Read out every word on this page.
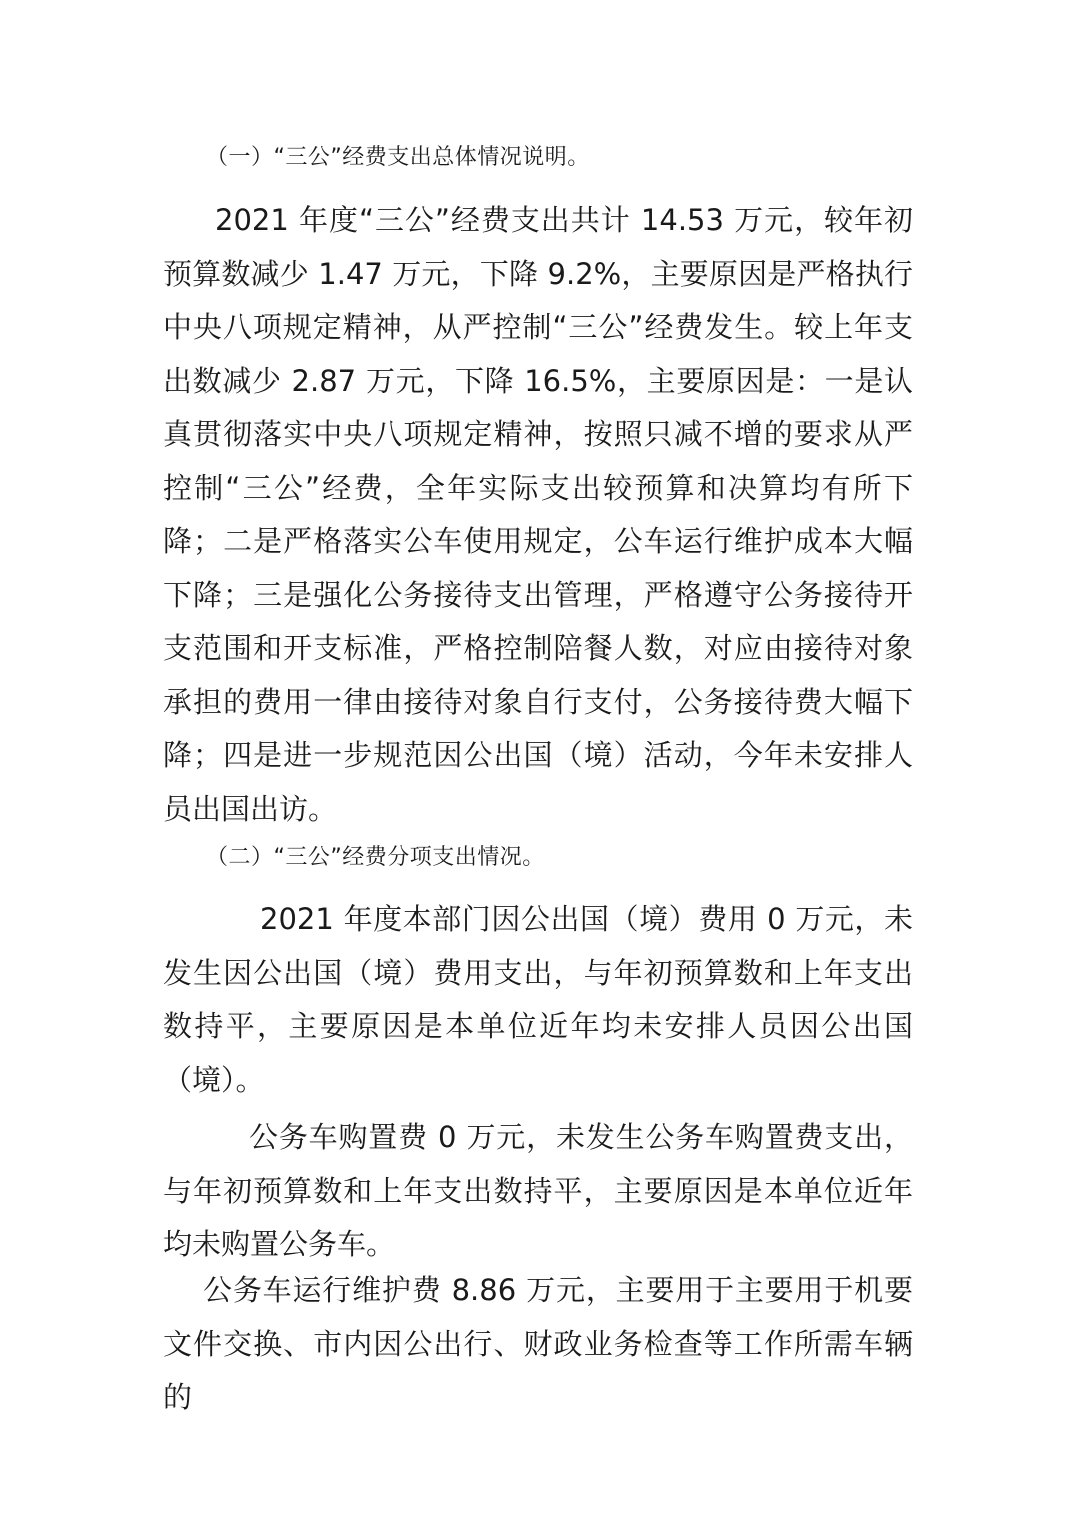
（一）“三公”经费支出总体情况说明。

2021 年度“三公”经费支出共计 14.53 万元，较年初预算数减少 1.47 万元，下降 9.2%，主要原因是严格执行中央八项规定精神，从严控制“三公”经费发生。较上年支出数减少 2.87 万元，下降 16.5%，主要原因是：一是认真贯彻落实中央八项规定精神，按照只减不增的要求从严控制“三公”经费，全年实际支出较预算和决算均有所下降；二是严格落实公车使用规定，公车运行维护成本大幅下降；三是强化公务接待支出管理，严格遵守公务接待开支范围和开支标准，严格控制陪餐人数，对应由接待对象承担的费用一律由接待对象自行支付，公务接待费大幅下降；四是进一步规范因公出国（境）活动，今年未安排人员出国出访。

（二）“三公”经费分项支出情况。

2021 年度本部门因公出国（境）费用 0 万元，未发生因公出国（境）费用支出，与年初预算数和上年支出数持平，主要原因是本单位近年均未安排人员因公出国（境）。

公务车购置费 0 万元，未发生公务车购置费支出，与年初预算数和上年支出数持平，主要原因是本单位近年均未购置公务车。

公务车运行维护费 8.86 万元，主要用于主要用于机要文件交换、市内因公出行、财政业务检查等工作所需车辆的
